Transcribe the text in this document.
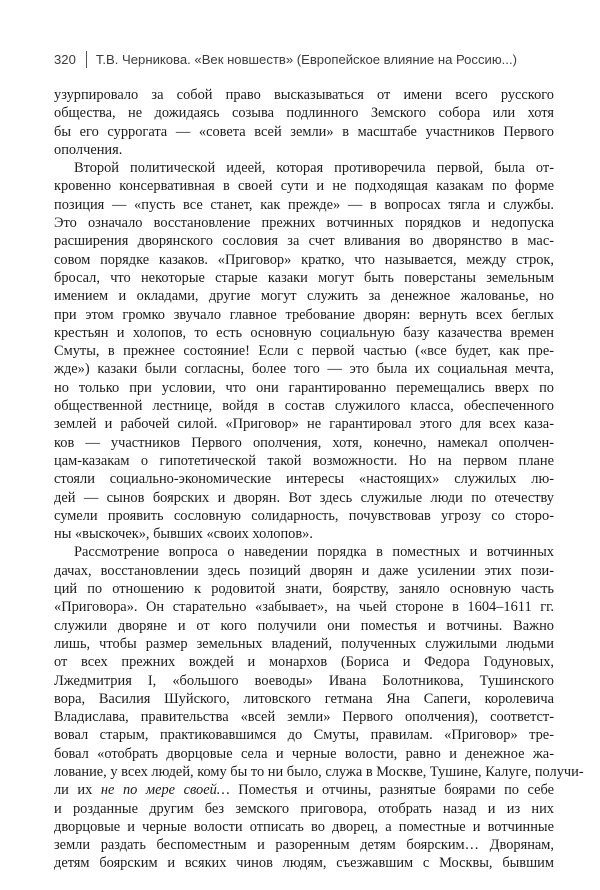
320 Т.В. Черникова. «Век новшеств» (Европейское влияние на Россию...)
узурпировало за собой право высказываться от имени всего русского
общества, не дожидаясь созыва подлинного Земского собора или хотя
бы его суррогата — «совета всей земли» в масштабе участников Первого
ополчения.
Второй политической идеей, которая противоречила первой, была от-
кровенно консервативная в своей сути и не подходящая казакам по форме
позиция — «пусть все станет, как прежде» — в вопросах тягла и службы.
Это означало восстановление прежних вотчинных порядков и недопуска
расширения дворянского сословия за счет вливания во дворянство в мас-
совом порядке казаков. «Приговор» кратко, что называется, между строк,
бросал, что некоторые старые казаки могут быть поверстаны земельным
имением и окладами, другие могут служить за денежное жалованье, но
при этом громко звучало главное требование дворян: вернуть всех беглых
крестьян и холопов, то есть основную социальную базу казачества времен
Смуты, в прежнее состояние! Если с первой частью («все будет, как пре-
жде») казаки были согласны, более того — это была их социальная мечта,
но только при условии, что они гарантированно перемещались вверх по
общественной лестнице, войдя в состав служилого класса, обеспеченного
землей и рабочей силой. «Приговор» не гарантировал этого для всех каза-
ков — участников Первого ополчения, хотя, конечно, намекал ополчен-
цам-казакам о гипотетической такой возможности. Но на первом плане
стояли социально-экономические интересы «настоящих» служилых лю-
дей — сынов боярских и дворян. Вот здесь служилые люди по отечеству
сумели проявить сословную солидарность, почувствовав угрозу со сторо-
ны «выскочек», бывших «своих холопов».
Рассмотрение вопроса о наведении порядка в поместных и вотчинных
дачах, восстановлении здесь позиций дворян и даже усилении этих пози-
ций по отношению к родовитой знати, боярству, заняло основную часть
«Приговора». Он старательно «забывает», на чьей стороне в 1604–1611 гг.
служили дворяне и от кого получили они поместья и вотчины. Важно
лишь, чтобы размер земельных владений, полученных служилыми людьми
от всех прежних вождей и монархов (Бориса и Федора Годуновых,
Лжедмитрия I, «большого воеводы» Ивана Болотникова, Тушинского
вора, Василия Шуйского, литовского гетмана Яна Сапеги, королевича
Владислава, правительства «всей земли» Первого ополчения), соответст-
вовал старым, практиковавшимся до Смуты, правилам. «Приговор» тре-
бовал «отобрать дворцовые села и черные волости, равно и денежное жа-
лование, у всех людей, кому бы то ни было, служа в Москве, Тушине, Калуге, получи-
ли их не по мере своей… Поместья и отчины, разнятые боярами по себе
и розданные другим без земского приговора, отобрать назад и из них
дворцовые и черные волости отписать во дворец, а поместные и вотчинные
земли раздать беспоместным и разоренным детям боярским… Дворянам,
детям боярским и всяких чинов людям, съезжавшим с Москвы, бывшим
